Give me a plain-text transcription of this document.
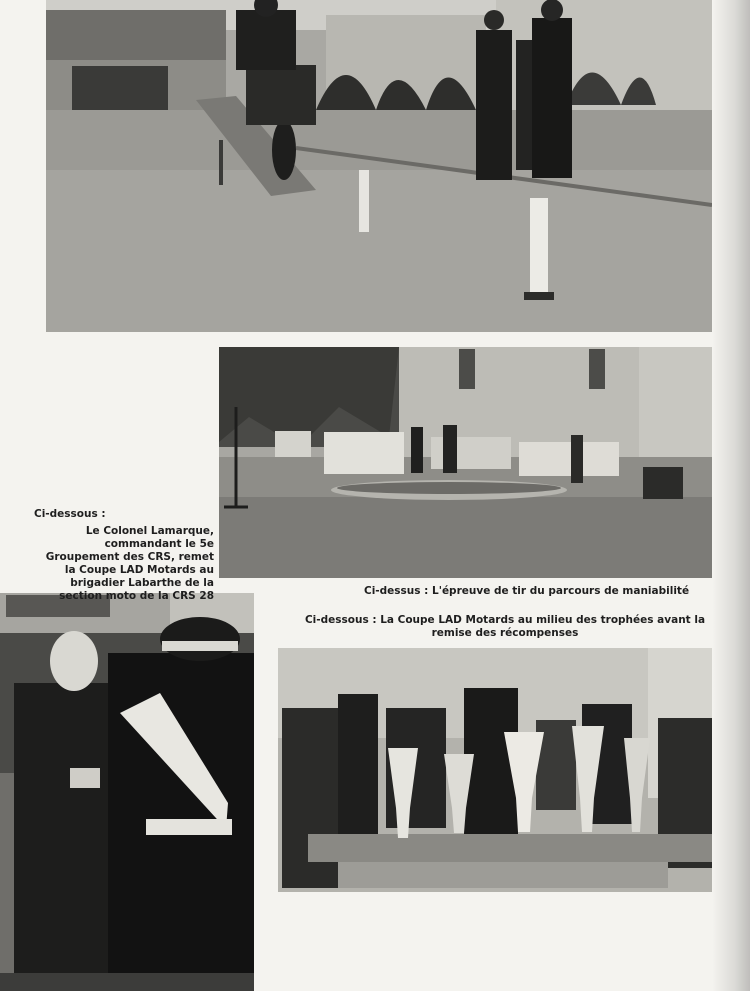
Ci-dessous :
Le Colonel Lamarque, commandant le 5e Groupement des CRS, remet la Coupe LAD Motards au brigadier Labarthe de la section moto de la CRS 28	Ci-dessus : L'épreuve de tir du parcours de maniabilité
Ci-dessous : La Coupe LAD Motards au milieu des trophées avant la remise des récompenses
